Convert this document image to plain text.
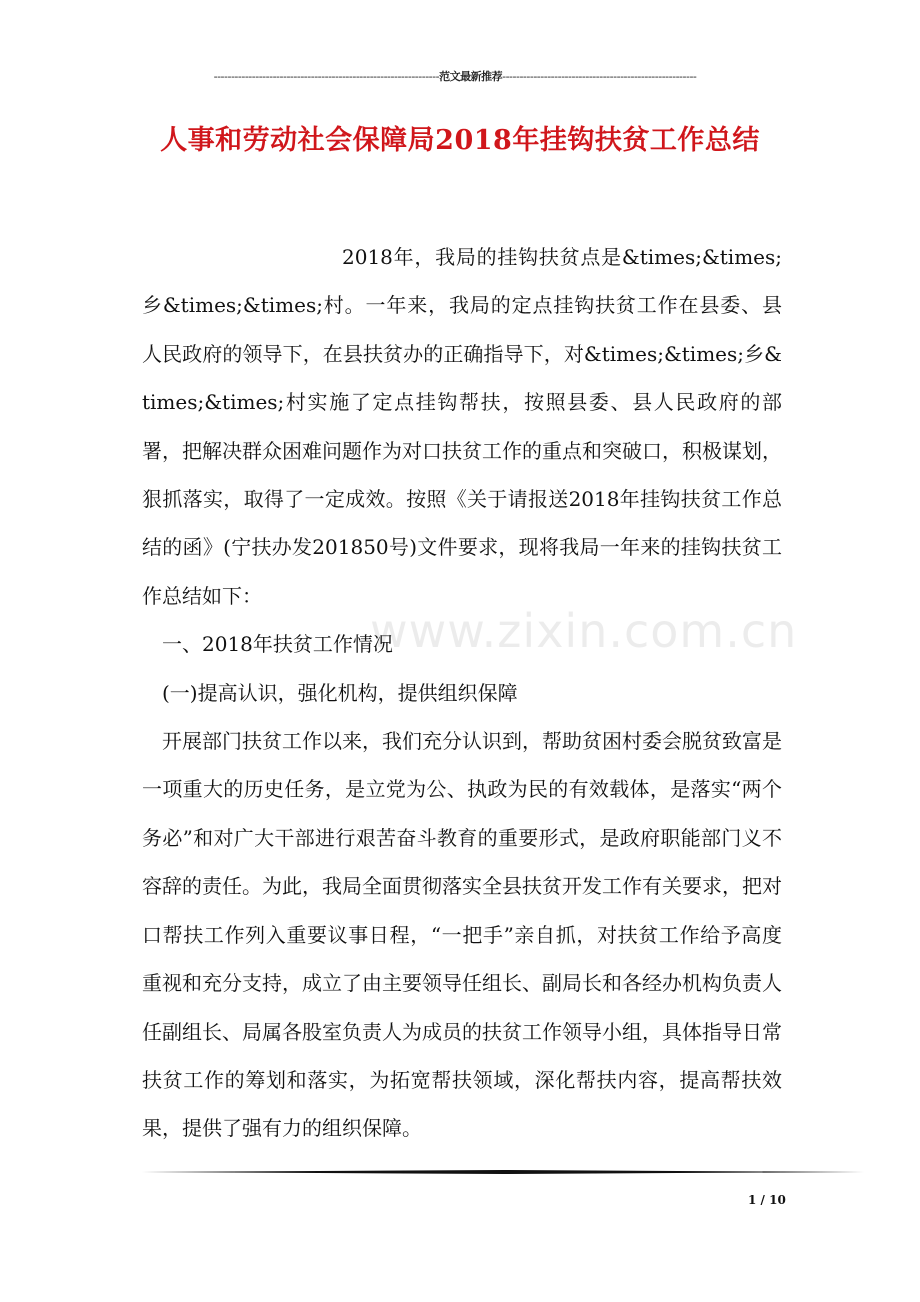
-----------------------------------------------------------------范文最新推荐--------------------------------------------------------
人事和劳动社会保障局2018年挂钩扶贫工作总结
www.zixin.com.cn

2018年，我局的挂钩扶贫点是&times;&times;乡&times;&times;村。一年来，我局的定点挂钩扶贫工作在县委、县人民政府的领导下，在县扶贫办的正确指导下，对&times;&times;乡&times;&times;村实施了定点挂钩帮扶，按照县委、县人民政府的部署，把解决群众困难问题作为对口扶贫工作的重点和突破口，积极谋划，狠抓落实，取得了一定成效。按照《关于请报送2018年挂钩扶贫工作总结的函》(宁扶办发201850号)文件要求，现将我局一年来的挂钩扶贫工作总结如下：

一、2018年扶贫工作情况

(一)提高认识，强化机构，提供组织保障

开展部门扶贫工作以来，我们充分认识到，帮助贫困村委会脱贫致富是一项重大的历史任务，是立党为公、执政为民的有效载体，是落实“两个务必”和对广大干部进行艰苦奋斗教育的重要形式，是政府职能部门义不容辞的责任。为此，我局全面贯彻落实全县扶贫开发工作有关要求，把对口帮扶工作列入重要议事日程，“一把手”亲自抓，对扶贫工作给予高度重视和充分支持，成立了由主要领导任组长、副局长和各经办机构负责人任副组长、局属各股室负责人为成员的扶贫工作领导小组，具体指导日常扶贫工作的筹划和落实，为拓宽帮扶领域，深化帮扶内容，提高帮扶效果，提供了强有力的组织保障。

1 / 10
